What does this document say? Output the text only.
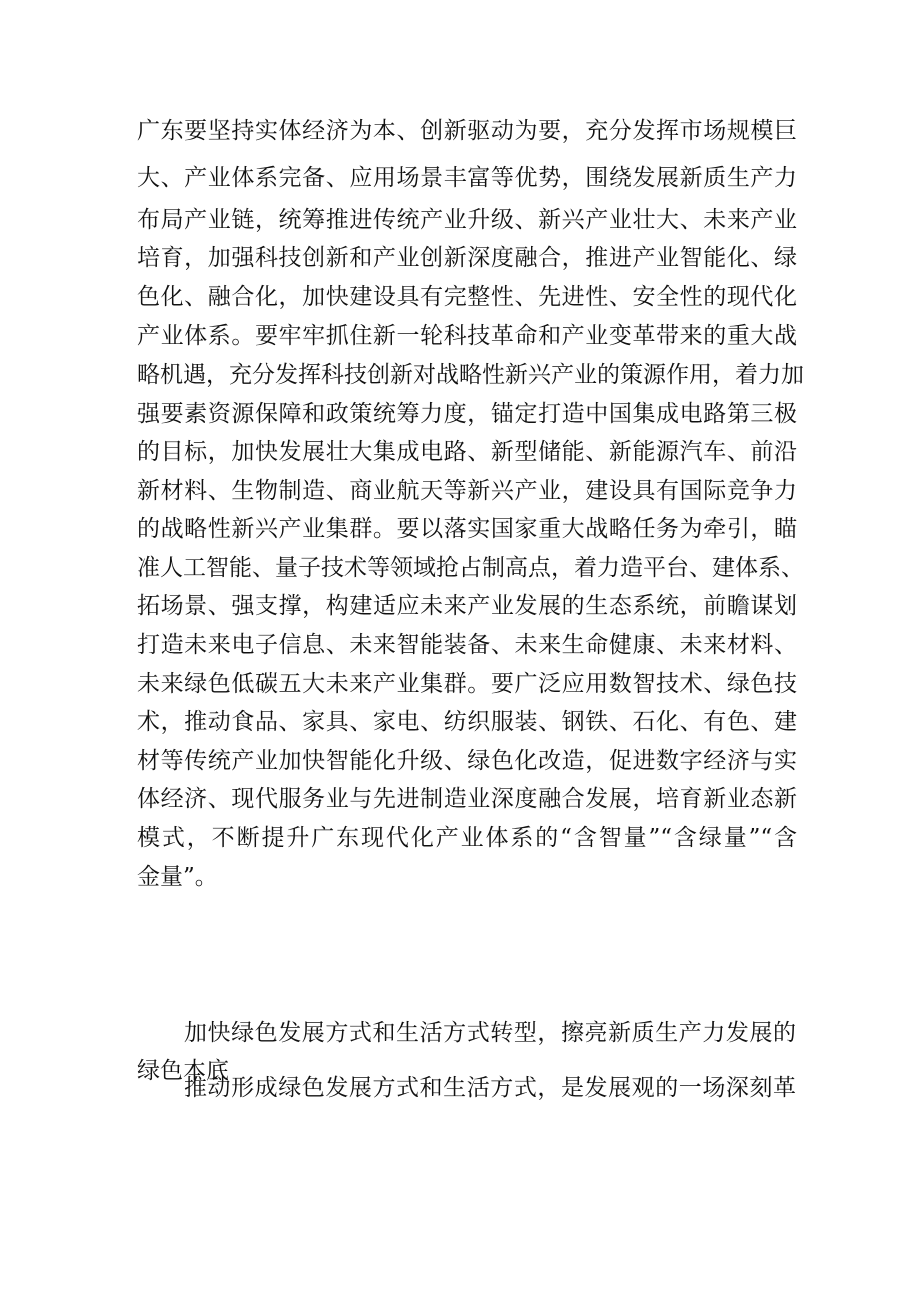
广东要坚持实体经济为本、创新驱动为要，充分发挥市场规模巨
大、产业体系完备、应用场景丰富等优势，围绕发展新质生产力
布局产业链，统筹推进传统产业升级、新兴产业壮大、未来产业
培育，加强科技创新和产业创新深度融合，推进产业智能化、绿
色化、融合化，加快建设具有完整性、先进性、安全性的现代化
产业体系。要牢牢抓住新一轮科技革命和产业变革带来的重大战
略机遇，充分发挥科技创新对战略性新兴产业的策源作用，着力加
强要素资源保障和政策统筹力度，锚定打造中国集成电路第三极
的目标，加快发展壮大集成电路、新型储能、新能源汽车、前沿
新材料、生物制造、商业航天等新兴产业，建设具有国际竞争力
的战略性新兴产业集群。要以落实国家重大战略任务为牵引，瞄
准人工智能、量子技术等领域抢占制高点，着力造平台、建体系、
拓场景、强支撑，构建适应未来产业发展的生态系统，前瞻谋划
打造未来电子信息、未来智能装备、未来生命健康、未来材料、
未来绿色低碳五大未来产业集群。要广泛应用数智技术、绿色技
术，推动食品、家具、家电、纺织服装、钢铁、石化、有色、建
材等传统产业加快智能化升级、绿色化改造，促进数字经济与实
体经济、现代服务业与先进制造业深度融合发展，培育新业态新
模式，不断提升广东现代化产业体系的“含智量”“含绿量”“含
金量”。
加快绿色发展方式和生活方式转型，擦亮新质生产力发展的
绿色本底
推动形成绿色发展方式和生活方式，是发展观的一场深刻革
